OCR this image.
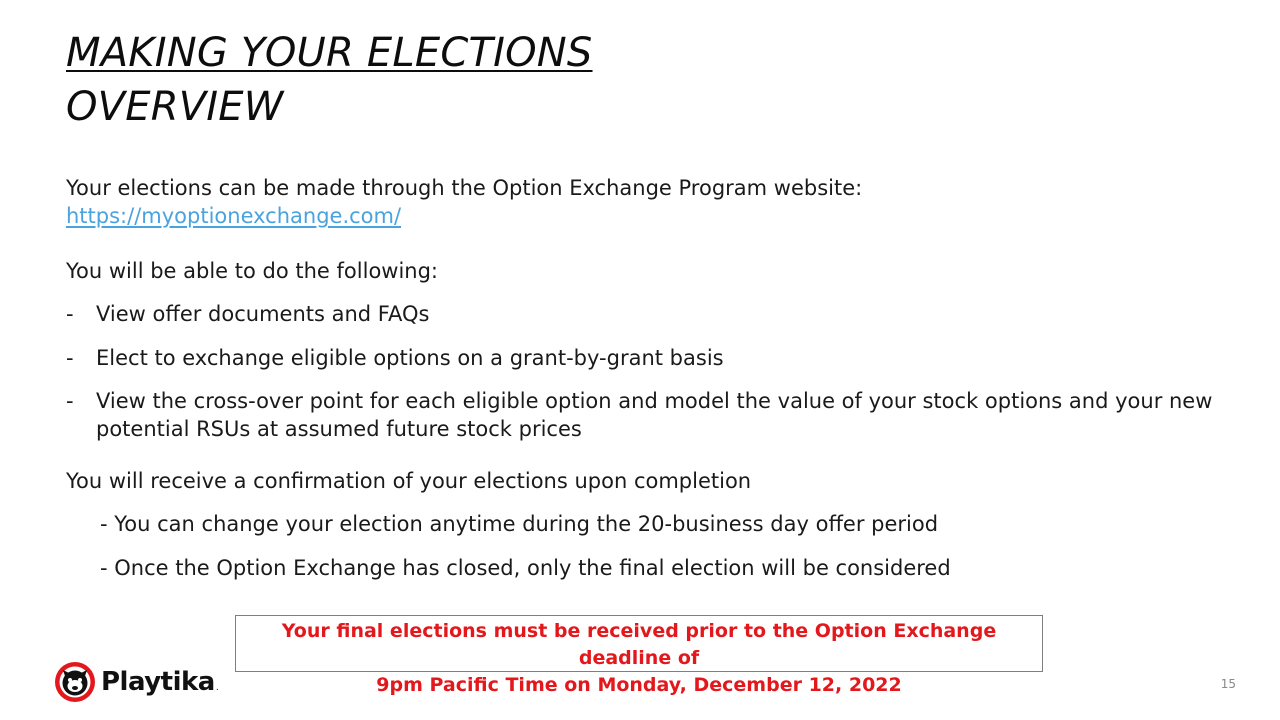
MAKING YOUR ELECTIONS
OVERVIEW
Your elections can be made through the Option Exchange Program website:
https://myoptionexchange.com/
You will be able to do the following:
- View offer documents and FAQs
- Elect to exchange eligible options on a grant-by-grant basis
- View the cross-over point for each eligible option and model the value of your stock options and your new potential RSUs at assumed future stock prices
You will receive a confirmation of your elections upon completion
- You can change your election anytime during the 20-business day offer period
- Once the Option Exchange has closed, only the final election will be considered
Your final elections must be received prior to the Option Exchange deadline of
9pm Pacific Time on Monday, December 12, 2022
Playtika .	15
